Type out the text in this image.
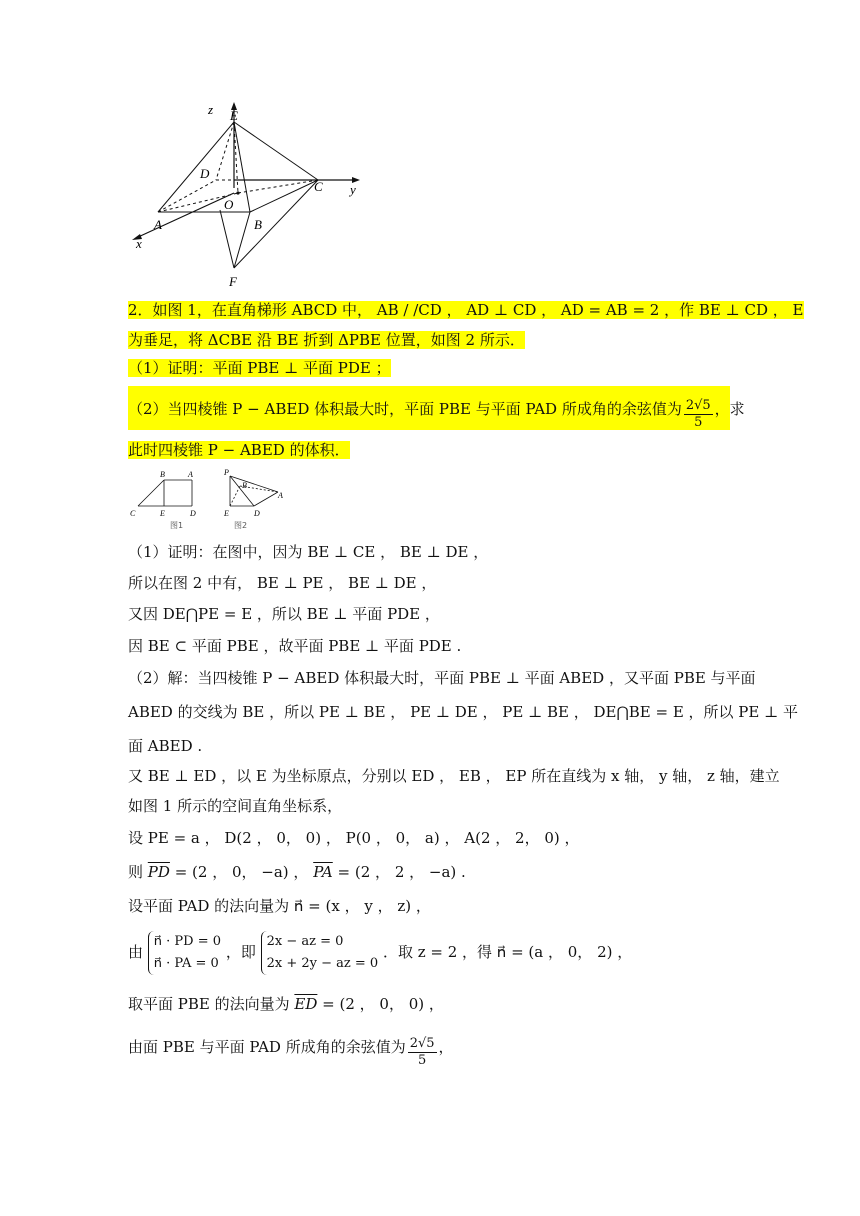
z E
D
C y
O
A	B
x
F
2．如图 1，在直角梯形 ABCD 中， AB / /CD ， AD ⊥ CD ， AD = AB = 2 ，作 BE ⊥ CD ， E
为垂足，将 ΔCBE 沿 BE 折到 ΔPBE 位置，如图 2 所示．
（1）证明：平面 PBE ⊥ 平面 PDE ；
（2）当四棱锥 P − ABED 体积最大时，平面 PBE 与平面 PAD 所成角的余弦值为 $\frac{2√5}{5}$ ，求
此时四棱锥 P − ABED 的体积．
B	A
C	E	D
图1
P
B
A
E	D
图2
（1）证明：在图中，因为 BE ⊥ CE ， BE ⊥ DE ，
所以在图 2 中有， BE ⊥ PE ， BE ⊥ DE ，
又因 DE⋂PE = E ，所以 BE ⊥ 平面 PDE ，
因 BE ⊂ 平面 PBE ，故平面 PBE ⊥ 平面 PDE .
（2）解：当四棱锥 P − ABED 体积最大时，平面 PBE ⊥ 平面 ABED ，又平面 PBE 与平面
ABED 的交线为 BE ，所以 PE ⊥ BE ， PE ⊥ DE ， PE ⊥ BE ， DE⋂BE = E ，所以 PE ⊥ 平
面 ABED .
又 BE ⊥ ED ，以 E 为坐标原点，分别以 ED ， EB ， EP 所在直线为 x 轴， y 轴， z 轴，建立
如图 1 所示的空间直角坐标系，
设 PE = a ， D(2 ， 0， 0) ， P(0 ， 0， a) ， A(2 ， 2， 0) ，
则 $\overline{PD} = (2$ ， 0， −a) ， $\overline{PA} = (2$ ， 2 ， −a) .
设平面 PAD 的法向量为 n⃗ = (x ， y ， z) ，
由
n⃗ · PD = 0
n⃗ · PA = 0
，即
2x − az = 0
2x + 2y − az = 0
．取 z = 2 ，得 n⃗ = (a ， 0， 2) ，
取平面 PBE 的法向量为 $\overline{ED} = (2$ ， 0， 0) ，
由面 PBE 与平面 PAD 所成角的余弦值为 $\frac{2√5}{5}$ ，
